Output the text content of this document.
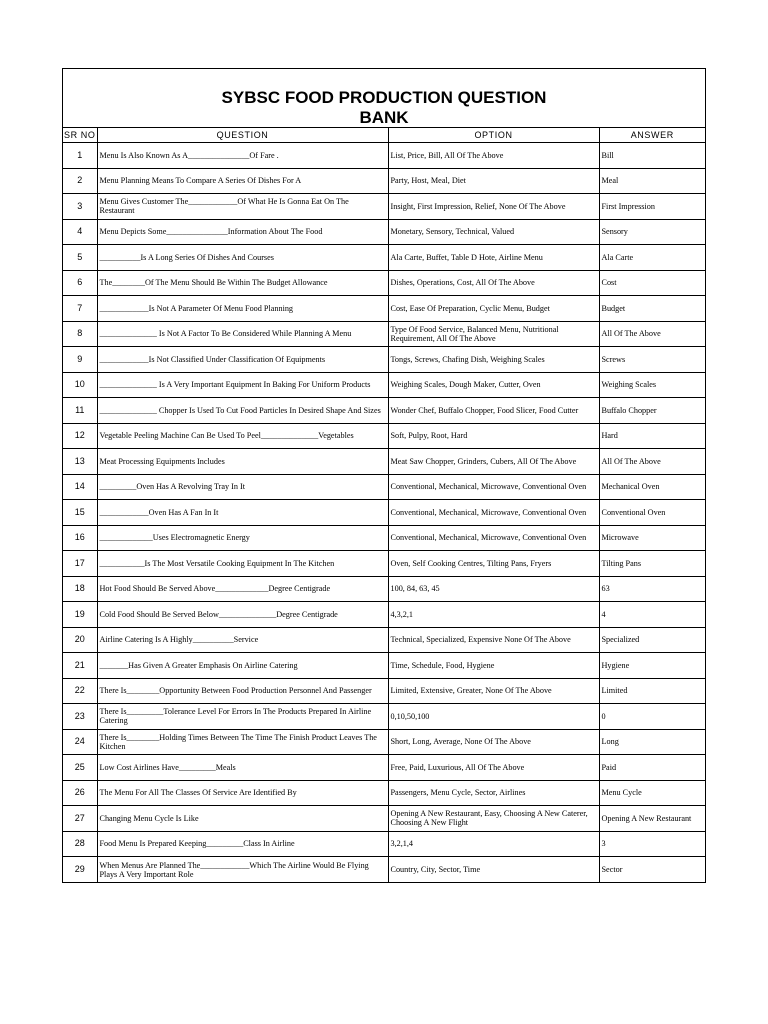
SYBSC FOOD PRODUCTION QUESTION
BANK
SR NO	QUESTION	OPTION	ANSWER
1	Menu Is Also Known As A_______________Of Fare .	List, Price, Bill, All Of The Above	Bill
2	Menu Planning Means To Compare A Series Of Dishes For A	Party, Host, Meal, Diet	Meal
3	Menu Gives Customer The____________Of What He Is Gonna Eat On The Restaurant	Insight, First Impression, Relief, None Of The Above	First Impression
4	Menu Depicts Some_______________Information About The Food	Monetary, Sensory, Technical, Valued	Sensory
5	__________Is A Long Series Of Dishes And Courses	Ala Carte, Buffet, Table D Hote, Airline Menu	Ala Carte
6	The________Of The Menu Should Be Within The Budget Allowance	Dishes, Operations, Cost, All Of The Above	Cost
7	____________Is Not A Parameter Of Menu Food Planning	Cost, Ease Of Preparation, Cyclic Menu, Budget	Budget
8	______________ Is Not A Factor To Be Considered While Planning A Menu	Type Of Food Service, Balanced Menu, Nutritional Requirement, All Of The Above	All Of The Above
9	____________Is Not Classified Under Classification Of Equipments	Tongs, Screws, Chafing Dish, Weighing Scales	Screws
10	______________ Is A Very Important Equipment In Baking For Uniform Products	Weighing Scales, Dough Maker, Cutter, Oven	Weighing Scales
11	______________ Chopper Is Used To Cut Food Particles In Desired Shape And Sizes	Wonder Chef, Buffalo Chopper, Food Slicer, Food Cutter	Buffalo Chopper
12	Vegetable Peeling Machine Can Be Used To Peel______________Vegetables	Soft, Pulpy, Root, Hard	Hard
13	Meat Processing Equipments Includes	Meat Saw Chopper, Grinders, Cubers, All Of The Above	All Of The Above
14	_________Oven Has A Revolving Tray In It	Conventional, Mechanical, Microwave, Conventional Oven	Mechanical Oven
15	____________Oven Has A Fan In It	Conventional, Mechanical, Microwave, Conventional Oven	Conventional Oven
16	_____________Uses Electromagnetic Energy	Conventional, Mechanical, Microwave, Conventional Oven	Microwave
17	___________Is The Most Versatile Cooking Equipment In The Kitchen	Oven, Self Cooking Centres, Tilting Pans, Fryers	Tilting Pans
18	Hot Food Should Be Served Above_____________Degree Centigrade	100, 84, 63, 45	63
19	Cold Food Should Be Served Below______________Degree Centigrade	4,3,2,1	4
20	Airline Catering Is A Highly__________Service	Technical, Specialized, Expensive None Of The Above	Specialized
21	_______Has Given A Greater Emphasis On Airline Catering	Time, Schedule, Food, Hygiene	Hygiene
22	There Is________Opportunity Between Food Production Personnel And Passenger	Limited, Extensive, Greater, None Of The Above	Limited
23	There Is_________Tolerance Level For Errors In The Products Prepared In Airline Catering	0,10,50,100	0
24	There Is________Holding Times Between The Time The Finish Product Leaves The Kitchen	Short, Long, Average, None Of The Above	Long
25	Low Cost Airlines Have_________Meals	Free, Paid, Luxurious, All Of The Above	Paid
26	The Menu For All The Classes Of Service Are Identified By	Passengers, Menu Cycle, Sector, Airlines	Menu Cycle
27	Changing Menu Cycle Is Like	Opening A New Restaurant, Easy, Choosing A New Caterer, Choosing A New Flight	Opening A New Restaurant
28	Food Menu Is Prepared Keeping_________Class In Airline	3,2,1,4	3
29	When Menus Are Planned The____________Which The Airline Would Be Flying Plays A Very Important Role	Country, City, Sector, Time	Sector
